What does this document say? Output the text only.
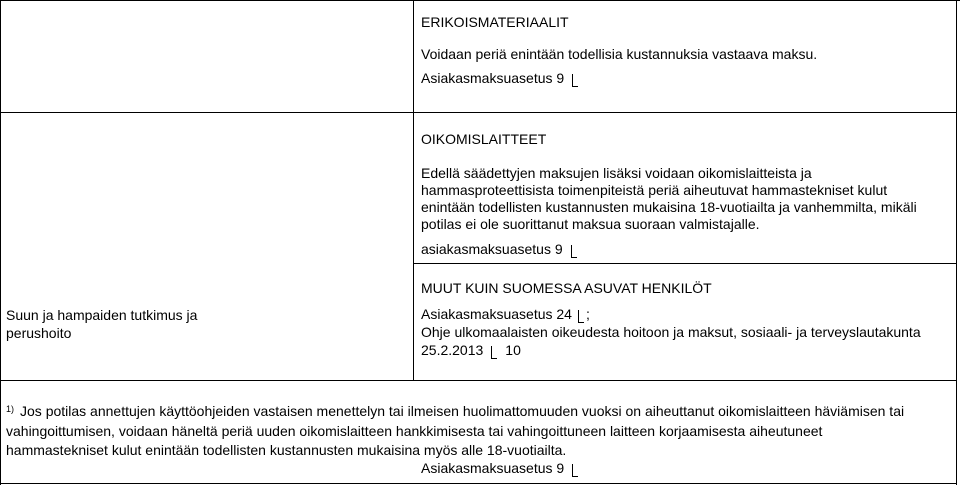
ERIKOISMATERIAALIT
Voidaan periä enintään todellisia kustannuksia vastaava maksu.
Asiakasmaksuasetus 9
OIKOMISLAITTEET
Edellä säädettyjen maksujen lisäksi voidaan oikomislaitteista ja
hammasproteettisista toimenpiteistä periä aiheutuvat hammastekniset kulut
enintään todellisten kustannusten mukaisina 18-vuotiailta ja vanhemmilta, mikäli
potilas ei ole suorittanut maksua suoraan valmistajalle.
asiakasmaksuasetus 9
Suun ja hampaiden tutkimus ja
perushoito
MUUT KUIN SUOMESSA ASUVAT HENKILÖT
Asiakasmaksuasetus 24 ;
Ohje ulkomaalaisten oikeudesta hoitoon ja maksut, sosiaali- ja terveyslautakunta
25.2.2013 10
$^{1)}$ Jos potilas annettujen käyttöohjeiden vastaisen menettelyn tai ilmeisen huolimattomuuden vuoksi on aiheuttanut oikomislaitteen häviämisen tai
vahingoittumisen, voidaan häneltä periä uuden oikomislaitteen hankkimisesta tai vahingoittuneen laitteen korjaamisesta aiheutuneet
hammastekniset kulut enintään todellisten kustannusten mukaisina myös alle 18-vuotiailta.
Asiakasmaksuasetus 9
